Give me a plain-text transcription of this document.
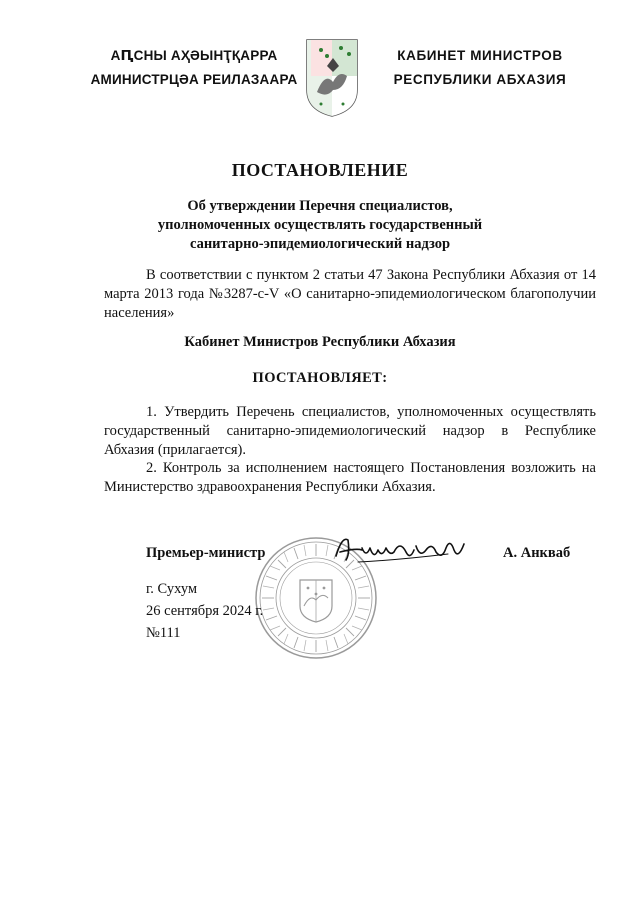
АԤСНЫ АҲӘЫНҬҚАРРА
АМИНИСТРЦӘА РЕИЛАЗААРА
КАБИНЕТ МИНИСТРОВ
РЕСПУБЛИКИ АБХАЗИЯ
ПОСТАНОВЛЕНИЕ
Об утверждении Перечня специалистов,
уполномоченных осуществлять государственный
санитарно-эпидемиологический надзор
В соответствии с пунктом 2 статьи 47 Закона Республики Абхазия от 14 марта 2013 года №3287-с-V «О санитарно-эпидемиологическом благополучии населения»
Кабинет Министров Республики Абхазия
ПОСТАНОВЛЯЕТ:
1. Утвердить Перечень специалистов, уполномоченных осуществлять государственный санитарно-эпидемиологический надзор в Республике Абхазия (прилагается).
2. Контроль за исполнением настоящего Постановления возложить на Министерство здравоохранения Республики Абхазия.
Премьер-министр	А. Анкваб
г. Сухум
26 сентября 2024 г.
№111
